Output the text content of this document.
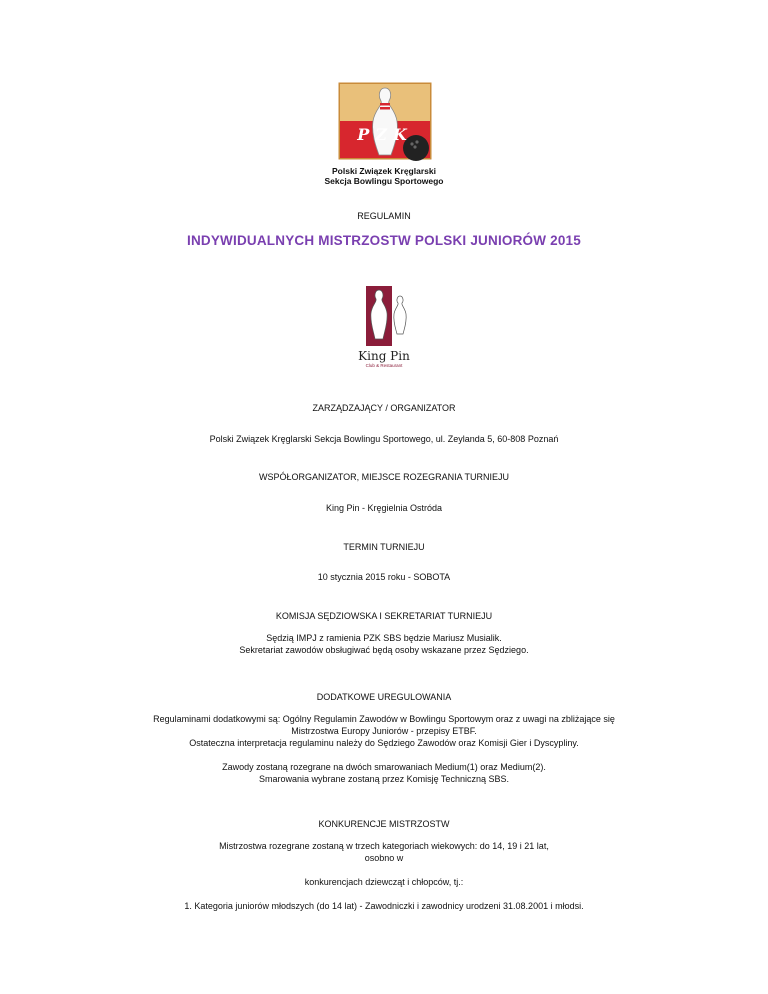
PZK
Polski Związek Kręglarski
Sekcja Bowlingu Sportowego
REGULAMIN
INDYWIDUALNYCH MISTRZOSTW POLSKI JUNIORÓW 2015
King Pin
Club & Restaurant
ZARZĄDZAJĄCY / ORGANIZATOR
Polski Związek Kręglarski Sekcja Bowlingu Sportowego, ul. Zeylanda 5, 60-808 Poznań
WSPÓŁORGANIZATOR, MIEJSCE ROZEGRANIA TURNIEJU
King Pin - Kręgielnia Ostróda
TERMIN TURNIEJU
10 stycznia 2015 roku - SOBOTA
KOMISJA SĘDZIOWSKA I SEKRETARIAT TURNIEJU
Sędzią IMPJ z ramienia PZK SBS będzie Mariusz Musialik.
Sekretariat zawodów obsługiwać będą osoby wskazane przez Sędziego.
DODATKOWE UREGULOWANIA
Regulaminami dodatkowymi są: Ogólny Regulamin Zawodów w Bowlingu Sportowym oraz z uwagi na zbliżające się
Mistrzostwa Europy Juniorów - przepisy ETBF.
Ostateczna interpretacja regulaminu należy do Sędziego Zawodów oraz Komisji Gier i Dyscypliny.
Zawody zostaną rozegrane na dwóch smarowaniach Medium(1) oraz Medium(2).
Smarowania wybrane zostaną przez Komisję Techniczną SBS.
KONKURENCJE MISTRZOSTW
Mistrzostwa rozegrane zostaną w trzech kategoriach wiekowych: do 14, 19 i 21 lat,
osobno w
konkurencjach dziewcząt i chłopców, tj.:
1. Kategoria juniorów młodszych (do 14 lat) - Zawodniczki i zawodnicy urodzeni 31.08.2001 i młodsi.
